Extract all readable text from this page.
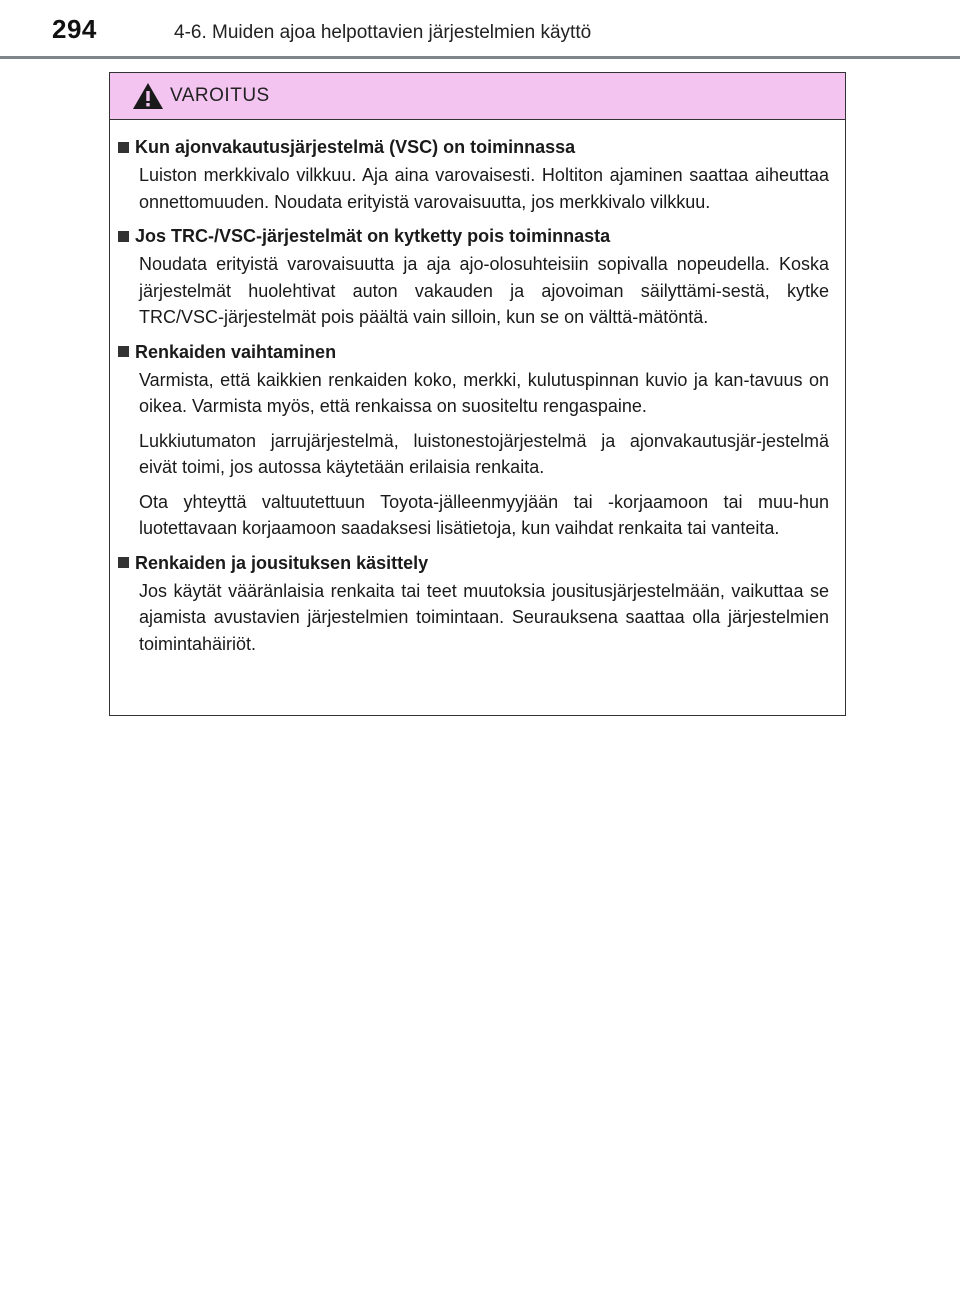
294	4-6. Muiden ajoa helpottavien järjestelmien käyttö
VAROITUS
Kun ajonvakautusjärjestelmä (VSC) on toiminnassa

Luiston merkkivalo vilkkuu. Aja aina varovaisesti. Holtiton ajaminen saattaa aiheuttaa onnettomuuden. Noudata erityistä varovaisuutta, jos merkkivalo vilkkuu.

Jos TRC-/VSC-järjestelmät on kytketty pois toiminnasta

Noudata erityistä varovaisuutta ja aja ajo-olosuhteisiin sopivalla nopeudella. Koska järjestelmät huolehtivat auton vakauden ja ajovoiman säilyttämi-sestä, kytke TRC/VSC-järjestelmät pois päältä vain silloin, kun se on välttä-mätöntä.

Renkaiden vaihtaminen

Varmista, että kaikkien renkaiden koko, merkki, kulutuspinnan kuvio ja kan-tavuus on oikea. Varmista myös, että renkaissa on suositeltu rengaspaine.

Lukkiutumaton jarrujärjestelmä, luistonestojärjestelmä ja ajonvakautusjär-jestelmä eivät toimi, jos autossa käytetään erilaisia renkaita.

Ota yhteyttä valtuutettuun Toyota-jälleenmyyjään tai -korjaamoon tai muu-hun luotettavaan korjaamoon saadaksesi lisätietoja, kun vaihdat renkaita tai vanteita.

Renkaiden ja jousituksen käsittely

Jos käytät vääränlaisia renkaita tai teet muutoksia jousitusjärjestelmään, vaikuttaa se ajamista avustavien järjestelmien toimintaan. Seurauksena saattaa olla järjestelmien toimintahäiriöt.
